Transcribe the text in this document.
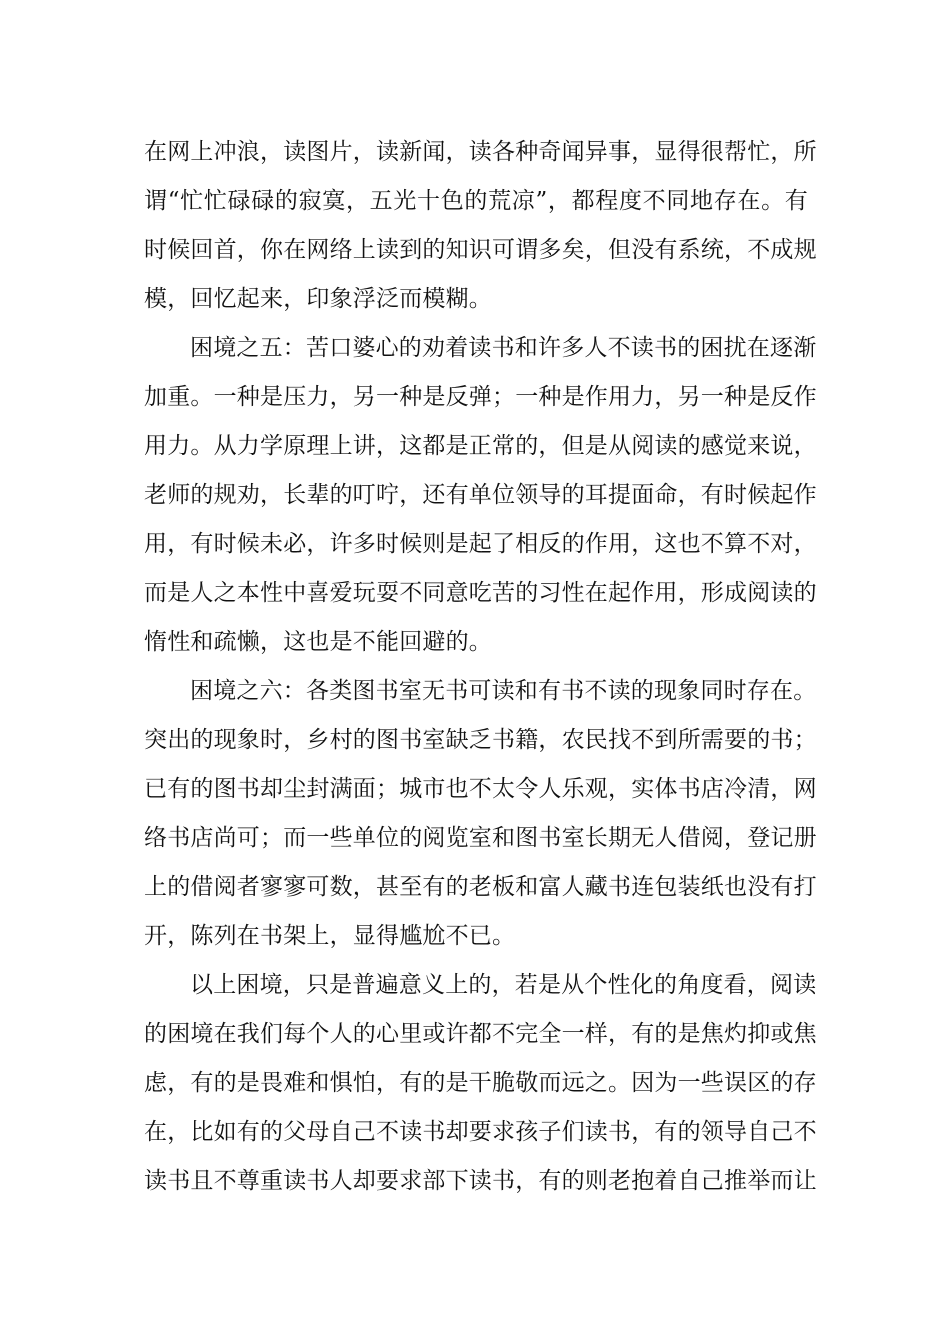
在网上冲浪，读图片，读新闻，读各种奇闻异事，显得很帮忙，所
谓“忙忙碌碌的寂寞，五光十色的荒凉”，都程度不同地存在。有
时候回首，你在网络上读到的知识可谓多矣，但没有系统，不成规
模，回忆起来，印象浮泛而模糊。
困境之五：苦口婆心的劝着读书和许多人不读书的困扰在逐渐
加重。一种是压力，另一种是反弹；一种是作用力，另一种是反作
用力。从力学原理上讲，这都是正常的，但是从阅读的感觉来说，
老师的规劝，长辈的叮咛，还有单位领导的耳提面命，有时候起作
用，有时候未必，许多时候则是起了相反的作用，这也不算不对，
而是人之本性中喜爱玩耍不同意吃苦的习性在起作用，形成阅读的
惰性和疏懒，这也是不能回避的。
困境之六：各类图书室无书可读和有书不读的现象同时存在。
突出的现象时，乡村的图书室缺乏书籍，农民找不到所需要的书；
已有的图书却尘封满面；城市也不太令人乐观，实体书店冷清，网
络书店尚可；而一些单位的阅览室和图书室长期无人借阅，登记册
上的借阅者寥寥可数，甚至有的老板和富人藏书连包装纸也没有打
开，陈列在书架上，显得尴尬不已。
以上困境，只是普遍意义上的，若是从个性化的角度看，阅读
的困境在我们每个人的心里或许都不完全一样，有的是焦灼抑或焦
虑，有的是畏难和惧怕，有的是干脆敬而远之。因为一些误区的存
在，比如有的父母自己不读书却要求孩子们读书，有的领导自己不
读书且不尊重读书人却要求部下读书，有的则老抱着自己推举而让
